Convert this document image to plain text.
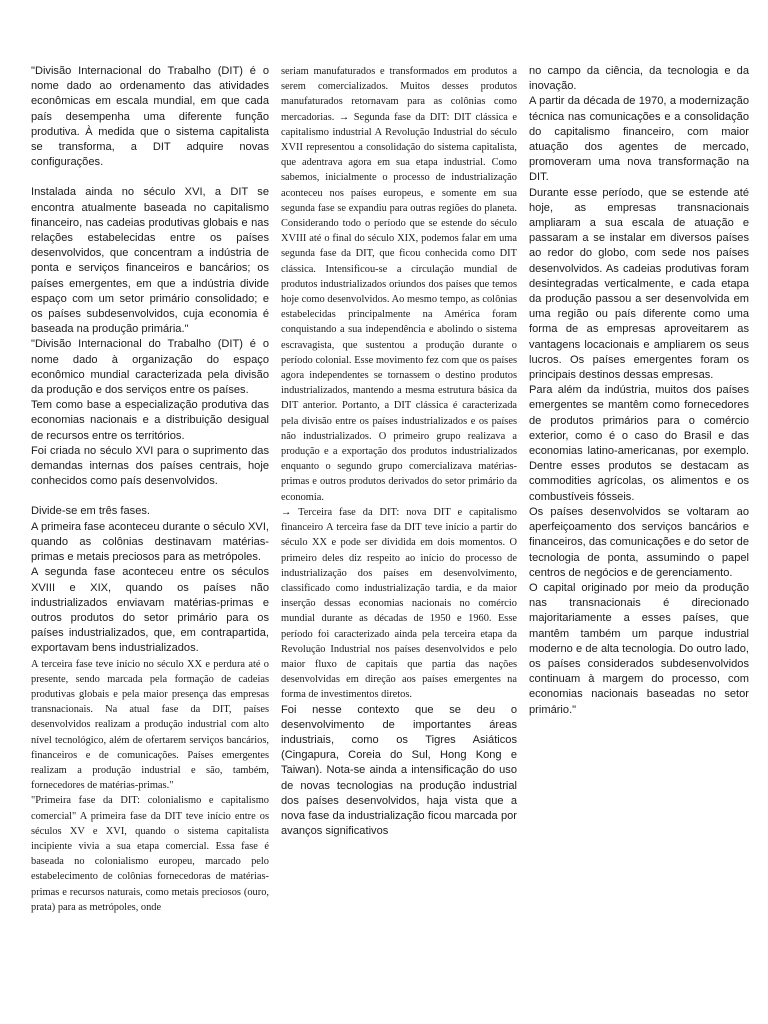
"Divisão Internacional do Trabalho (DIT) é o nome dado ao ordenamento das atividades econômicas em escala mundial, em que cada país desempenha uma diferente função produtiva. À medida que o sistema capitalista se transforma, a DIT adquire novas configurações.

Instalada ainda no século XVI, a DIT se encontra atualmente baseada no capitalismo financeiro, nas cadeias produtivas globais e nas relações estabelecidas entre os países desenvolvidos, que concentram a indústria de ponta e serviços financeiros e bancários; os países emergentes, em que a indústria divide espaço com um setor primário consolidado; e os países subdesenvolvidos, cuja economia é baseada na produção primária."

"Divisão Internacional do Trabalho (DIT) é o nome dado à organização do espaço econômico mundial caracterizada pela divisão da produção e dos serviços entre os países.

Tem como base a especialização produtiva das economias nacionais e a distribuição desigual de recursos entre os territórios.

Foi criada no século XVI para o suprimento das demandas internas dos países centrais, hoje conhecidos como país desenvolvidos.

Divide-se em três fases.

A primeira fase aconteceu durante o século XVI, quando as colônias destinavam matérias-primas e metais preciosos para as metrópoles.

A segunda fase aconteceu entre os séculos XVIII e XIX, quando os países não industrializados enviavam matérias-primas e outros produtos do setor primário para os países industrializados, que, em contrapartida, exportavam bens industrializados.

A terceira fase teve início no século XX e perdura até o presente, sendo marcada pela formação de cadeias produtivas globais e pela maior presença das empresas transnacionais. Na atual fase da DIT, países desenvolvidos realizam a produção industrial com alto nível tecnológico, além de ofertarem serviços bancários, financeiros e de comunicações. Países emergentes realizam a produção industrial e são, também, fornecedores de matérias-primas."

"Primeira fase da DIT: colonialismo e capitalismo comercial" A primeira fase da DIT teve início entre os séculos XV e XVI, quando o sistema capitalista incipiente vivia a sua etapa comercial. Essa fase é baseada no colonialismo europeu, marcado pelo estabelecimento de colônias fornecedoras de matérias-primas e recursos naturais, como metais preciosos (ouro, prata) para as metrópoles, onde

seriam manufaturados e transformados em produtos a serem comercializados. Muitos desses produtos manufaturados retornavam para as colônias como mercadorias. → Segunda fase da DIT: DIT clássica e capitalismo industrial A Revolução Industrial do século XVII representou a consolidação do sistema capitalista, que adentrava agora em sua etapa industrial. Como sabemos, inicialmente o processo de industrialização aconteceu nos países europeus, e somente em sua segunda fase se expandiu para outras regiões do planeta. Considerando todo o período que se estende do século XVIII até o final do século XIX, podemos falar em uma segunda fase da DIT, que ficou conhecida como DIT clássica. Intensificou-se a circulação mundial de produtos industrializados oriundos dos países que temos hoje como desenvolvidos. Ao mesmo tempo, as colônias estabelecidas principalmente na América foram conquistando a sua independência e abolindo o sistema escravagista, que sustentou a produção durante o período colonial. Esse movimento fez com que os países agora independentes se tornassem o destino produtos industrializados, mantendo a mesma estrutura básica da DIT anterior. Portanto, a DIT clássica é caracterizada pela divisão entre os países industrializados e os países não industrializados. O primeiro grupo realizava a produção e a exportação dos produtos industrializados enquanto o segundo grupo comercializava matérias-primas e outros produtos derivados do setor primário da economia.

→ Terceira fase da DIT: nova DIT e capitalismo financeiro A terceira fase da DIT teve início a partir do século XX e pode ser dividida em dois momentos. O primeiro deles diz respeito ao início do processo de industrialização dos países em desenvolvimento, classificado como industrialização tardia, e da maior inserção dessas economias nacionais no comércio mundial durante as décadas de 1950 e 1960. Esse período foi caracterizado ainda pela terceira etapa da Revolução Industrial nos países desenvolvidos e pelo maior fluxo de capitais que partia das nações desenvolvidas em direção aos países emergentes na forma de investimentos diretos.

Foi nesse contexto que se deu o desenvolvimento de importantes áreas industriais, como os Tigres Asiáticos (Cingapura, Coreia do Sul, Hong Kong e Taiwan). Nota-se ainda a intensificação do uso de novas tecnologias na produção industrial dos países desenvolvidos, haja vista que a nova fase da industrialização ficou marcada por avanços significativos

no campo da ciência, da tecnologia e da inovação.

A partir da década de 1970, a modernização técnica nas comunicações e a consolidação do capitalismo financeiro, com maior atuação dos agentes de mercado, promoveram uma nova transformação na DIT.

Durante esse período, que se estende até hoje, as empresas transnacionais ampliaram a sua escala de atuação e passaram a se instalar em diversos países ao redor do globo, com sede nos países desenvolvidos. As cadeias produtivas foram desintegradas verticalmente, e cada etapa da produção passou a ser desenvolvida em uma região ou país diferente como uma forma de as empresas aproveitarem as vantagens locacionais e ampliarem os seus lucros. Os países emergentes foram os principais destinos dessas empresas.

Para além da indústria, muitos dos países emergentes se mantêm como fornecedores de produtos primários para o comércio exterior, como é o caso do Brasil e das economias latino-americanas, por exemplo. Dentre esses produtos se destacam as commodities agrícolas, os alimentos e os combustíveis fósseis.

Os países desenvolvidos se voltaram ao aperfeiçoamento dos serviços bancários e financeiros, das comunicações e do setor de tecnologia de ponta, assumindo o papel centros de negócios e de gerenciamento.

O capital originado por meio da produção nas transnacionais é direcionado majoritariamente a esses países, que mantêm também um parque industrial moderno e de alta tecnologia. Do outro lado, os países considerados subdesenvolvidos continuam à margem do processo, com economias nacionais baseadas no setor primário."
